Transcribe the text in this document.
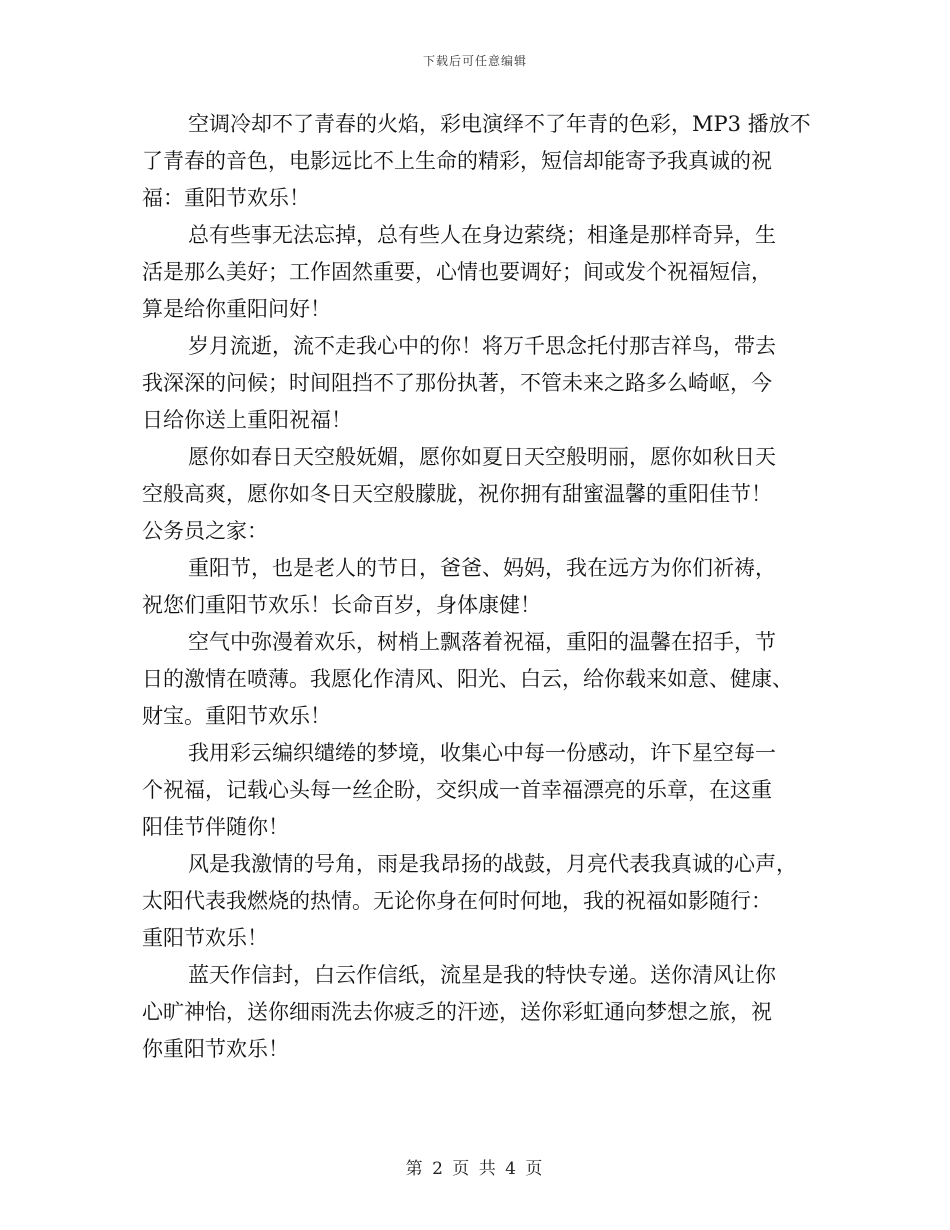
下载后可任意编辑
空调冷却不了青春的火焰，彩电演绎不了年青的色彩，MP3 播放不
了青春的音色，电影远比不上生命的精彩，短信却能寄予我真诚的祝
福：重阳节欢乐！
总有些事无法忘掉，总有些人在身边萦绕；相逢是那样奇异，生
活是那么美好；工作固然重要，心情也要调好；间或发个祝福短信，
算是给你重阳问好！
岁月流逝，流不走我心中的你！将万千思念托付那吉祥鸟，带去
我深深的问候；时间阻挡不了那份执著，不管未来之路多么崎岖，今
日给你送上重阳祝福！
愿你如春日天空般妩媚，愿你如夏日天空般明丽，愿你如秋日天
空般高爽，愿你如冬日天空般朦胧，祝你拥有甜蜜温馨的重阳佳节！
公务员之家：
重阳节，也是老人的节日，爸爸、妈妈，我在远方为你们祈祷，
祝您们重阳节欢乐！长命百岁，身体康健！
空气中弥漫着欢乐，树梢上飘落着祝福，重阳的温馨在招手，节
日的激情在喷薄。我愿化作清风、阳光、白云，给你载来如意、健康、
财宝。重阳节欢乐！
我用彩云编织缱绻的梦境，收集心中每一份感动，许下星空每一
个祝福，记载心头每一丝企盼，交织成一首幸福漂亮的乐章，在这重
阳佳节伴随你！
风是我激情的号角，雨是我昂扬的战鼓，月亮代表我真诚的心声，
太阳代表我燃烧的热情。无论你身在何时何地，我的祝福如影随行：
重阳节欢乐！
蓝天作信封，白云作信纸，流星是我的特快专递。送你清风让你
心旷神怡，送你细雨洗去你疲乏的汗迹，送你彩虹通向梦想之旅，祝
你重阳节欢乐！
第 2 页 共 4 页
